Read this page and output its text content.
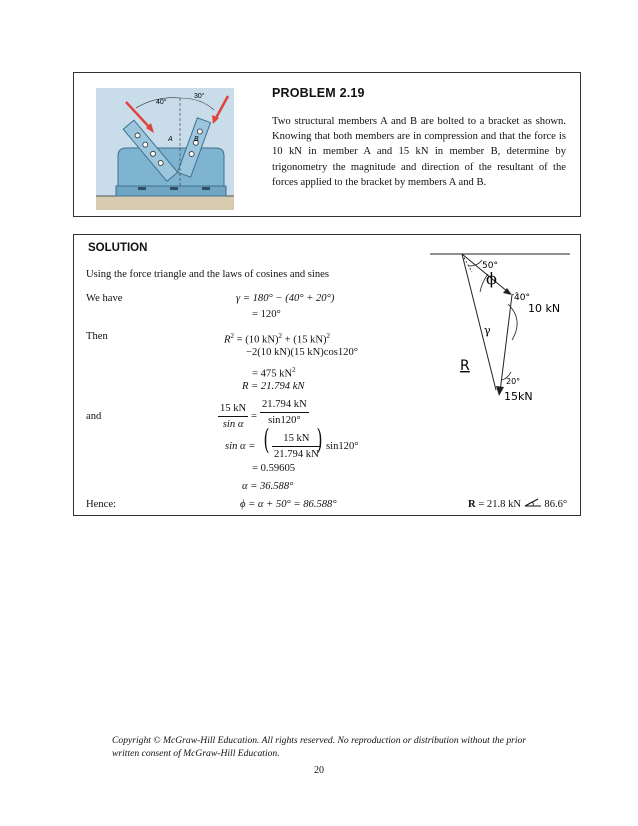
40°
30°
A	B
PROBLEM 2.19
Two structural members A and B are bolted to a bracket as shown. Knowing that both members are in compression and that the force is 10 kN in member A and 15 kN in member B, determine by trigonometry the magnitude and direction of the resultant of the forces applied to the bracket by members A and B.
SOLUTION
Using the force triangle and the laws of cosines and sines
We have	γ = 180° − (40° + 20°)
= 120°
Then	$R^2 = (10$ kN)$^2$ + (15 kN)$^2$
−2(10 kN)(15 kN)cos120°
= 475 $kN^2$
R = 21.794 kN
and	$\frac{15 kN}{\text{sin α}} = \frac{21.794 kN}{\sin 120^\circ}$
sin α = ( $\frac{15 kN}{21.794 kN}$
) sin120°
= 0.59605
α = 36.588°
Hence:	ϕ = α + 50° = 86.588°	R = 21.8 kN 86.6°
50°
ϕ
40°
10 kN
γ
R
20°
15kN
Copyright © McGraw-Hill Education. All rights reserved. No reproduction or distribution without the prior written consent of McGraw-Hill Education.
20
